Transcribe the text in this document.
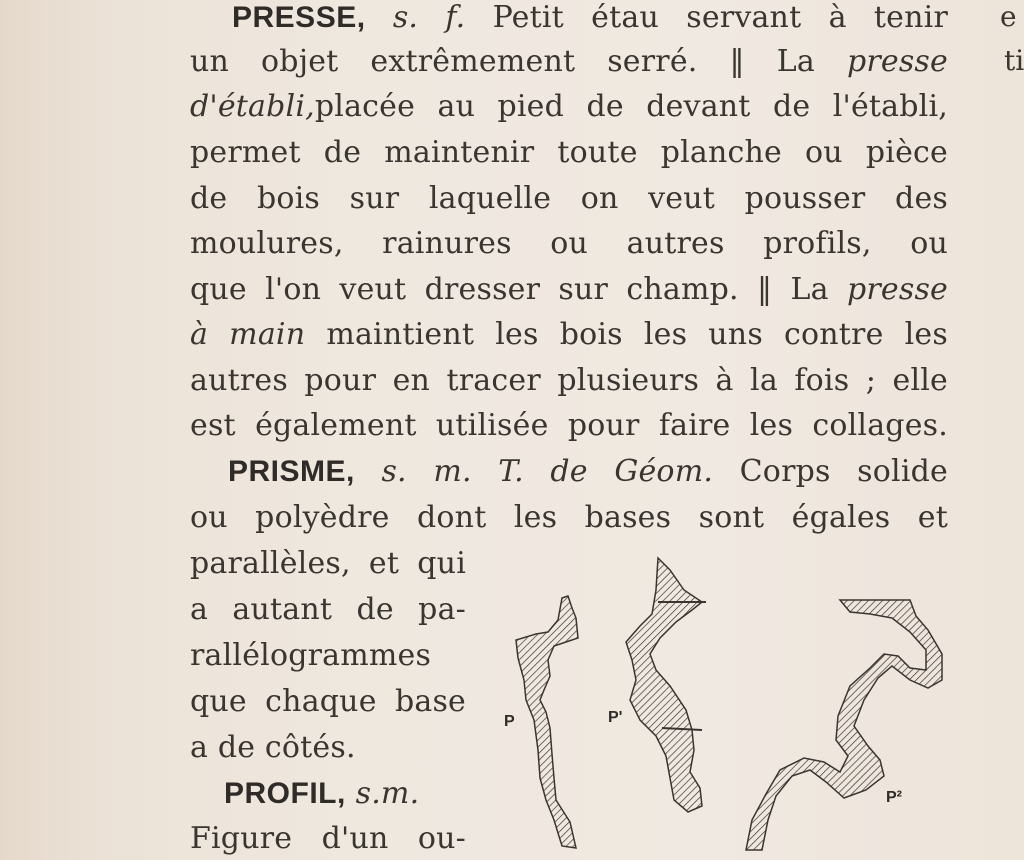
PRESSE, s. f. Petit étau servant à tenir
un objet extrêmement serré. ‖ La presse
d'établi,placée au pied de devant de l'établi,
permet de maintenir toute planche ou pièce
de bois sur laquelle on veut pousser des
moulures, rainures ou autres profils, ou
que l'on veut dresser sur champ. ‖ La presse
à main maintient les bois les uns contre les
autres pour en tracer plusieurs à la fois ; elle
est également utilisée pour faire les collages.
PRISME, s. m. T. de Géom. Corps solide
ou polyèdre dont les bases sont égales et
parallèles, et qui
a autant de pa-
rallélogrammes
que chaque base
a de côtés.
PROFIL, s.m.
Figure d'un ou-
e
ti
P	P'
P²
